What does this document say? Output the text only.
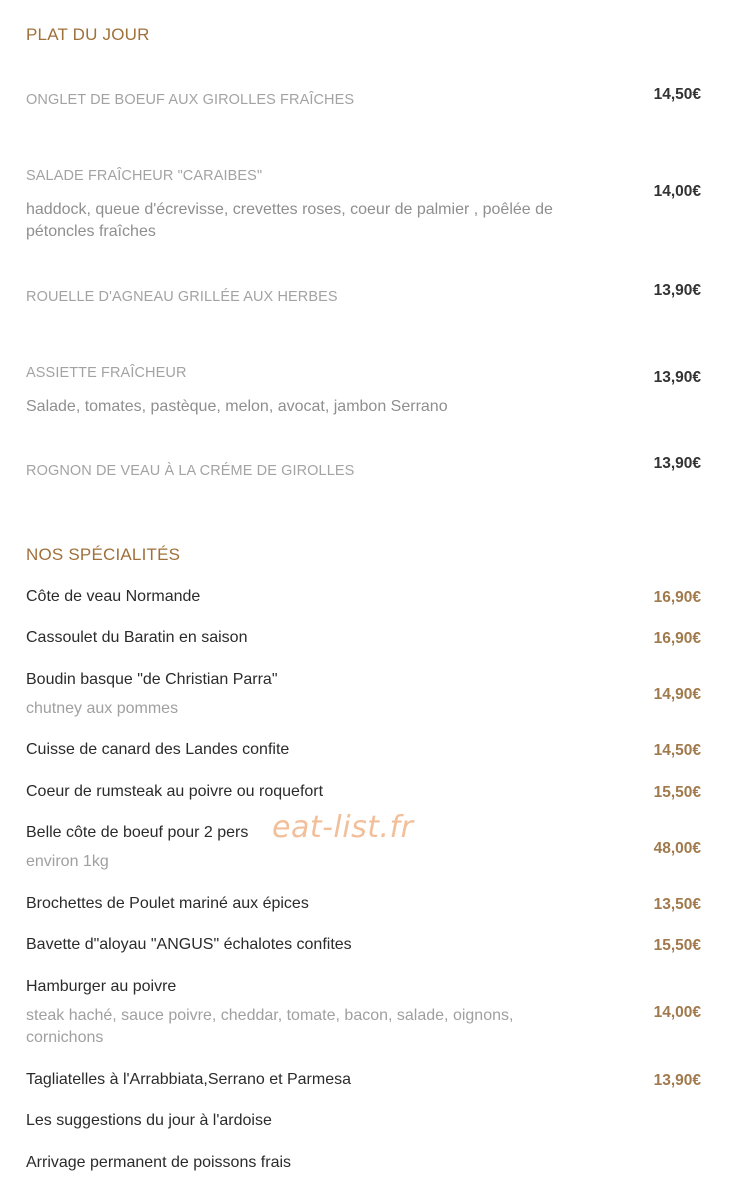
PLAT DU JOUR
ONGLET DE BOEUF AUX GIROLLES FRAÎCHES	14,50€
SALADE FRAÎCHEUR "CARAIBES"
haddock, queue d'écrevisse, crevettes roses, coeur de palmier , poêlée de pétoncles fraîches
14,00€
ROUELLE D'AGNEAU GRILLÉE AUX HERBES	13,90€
ASSIETTE FRAÎCHEUR
Salade, tomates, pastèque, melon, avocat, jambon Serrano
13,90€
ROGNON DE VEAU À LA CRÉME DE GIROLLES	13,90€
NOS SPÉCIALITÉS
Côte de veau Normande	16,90€
Cassoulet du Baratin en saison	16,90€
Boudin basque "de Christian Parra"
chutney aux pommes
14,90€
Cuisse de canard des Landes confite	14,50€
Coeur de rumsteak au poivre ou roquefort	15,50€
Belle côte de boeuf pour 2 pers
environ 1kg
48,00€
Brochettes de Poulet mariné aux épices	13,50€
Bavette d"aloyau "ANGUS" échalotes confites	15,50€
Hamburger au poivre
steak haché, sauce poivre, cheddar, tomate, bacon, salade, oignons, cornichons
14,00€
Tagliatelles à l'Arrabbiata,Serrano et Parmesa	13,90€
Les suggestions du jour à l'ardoise
Arrivage permanent de poissons frais
eat-list.fr
